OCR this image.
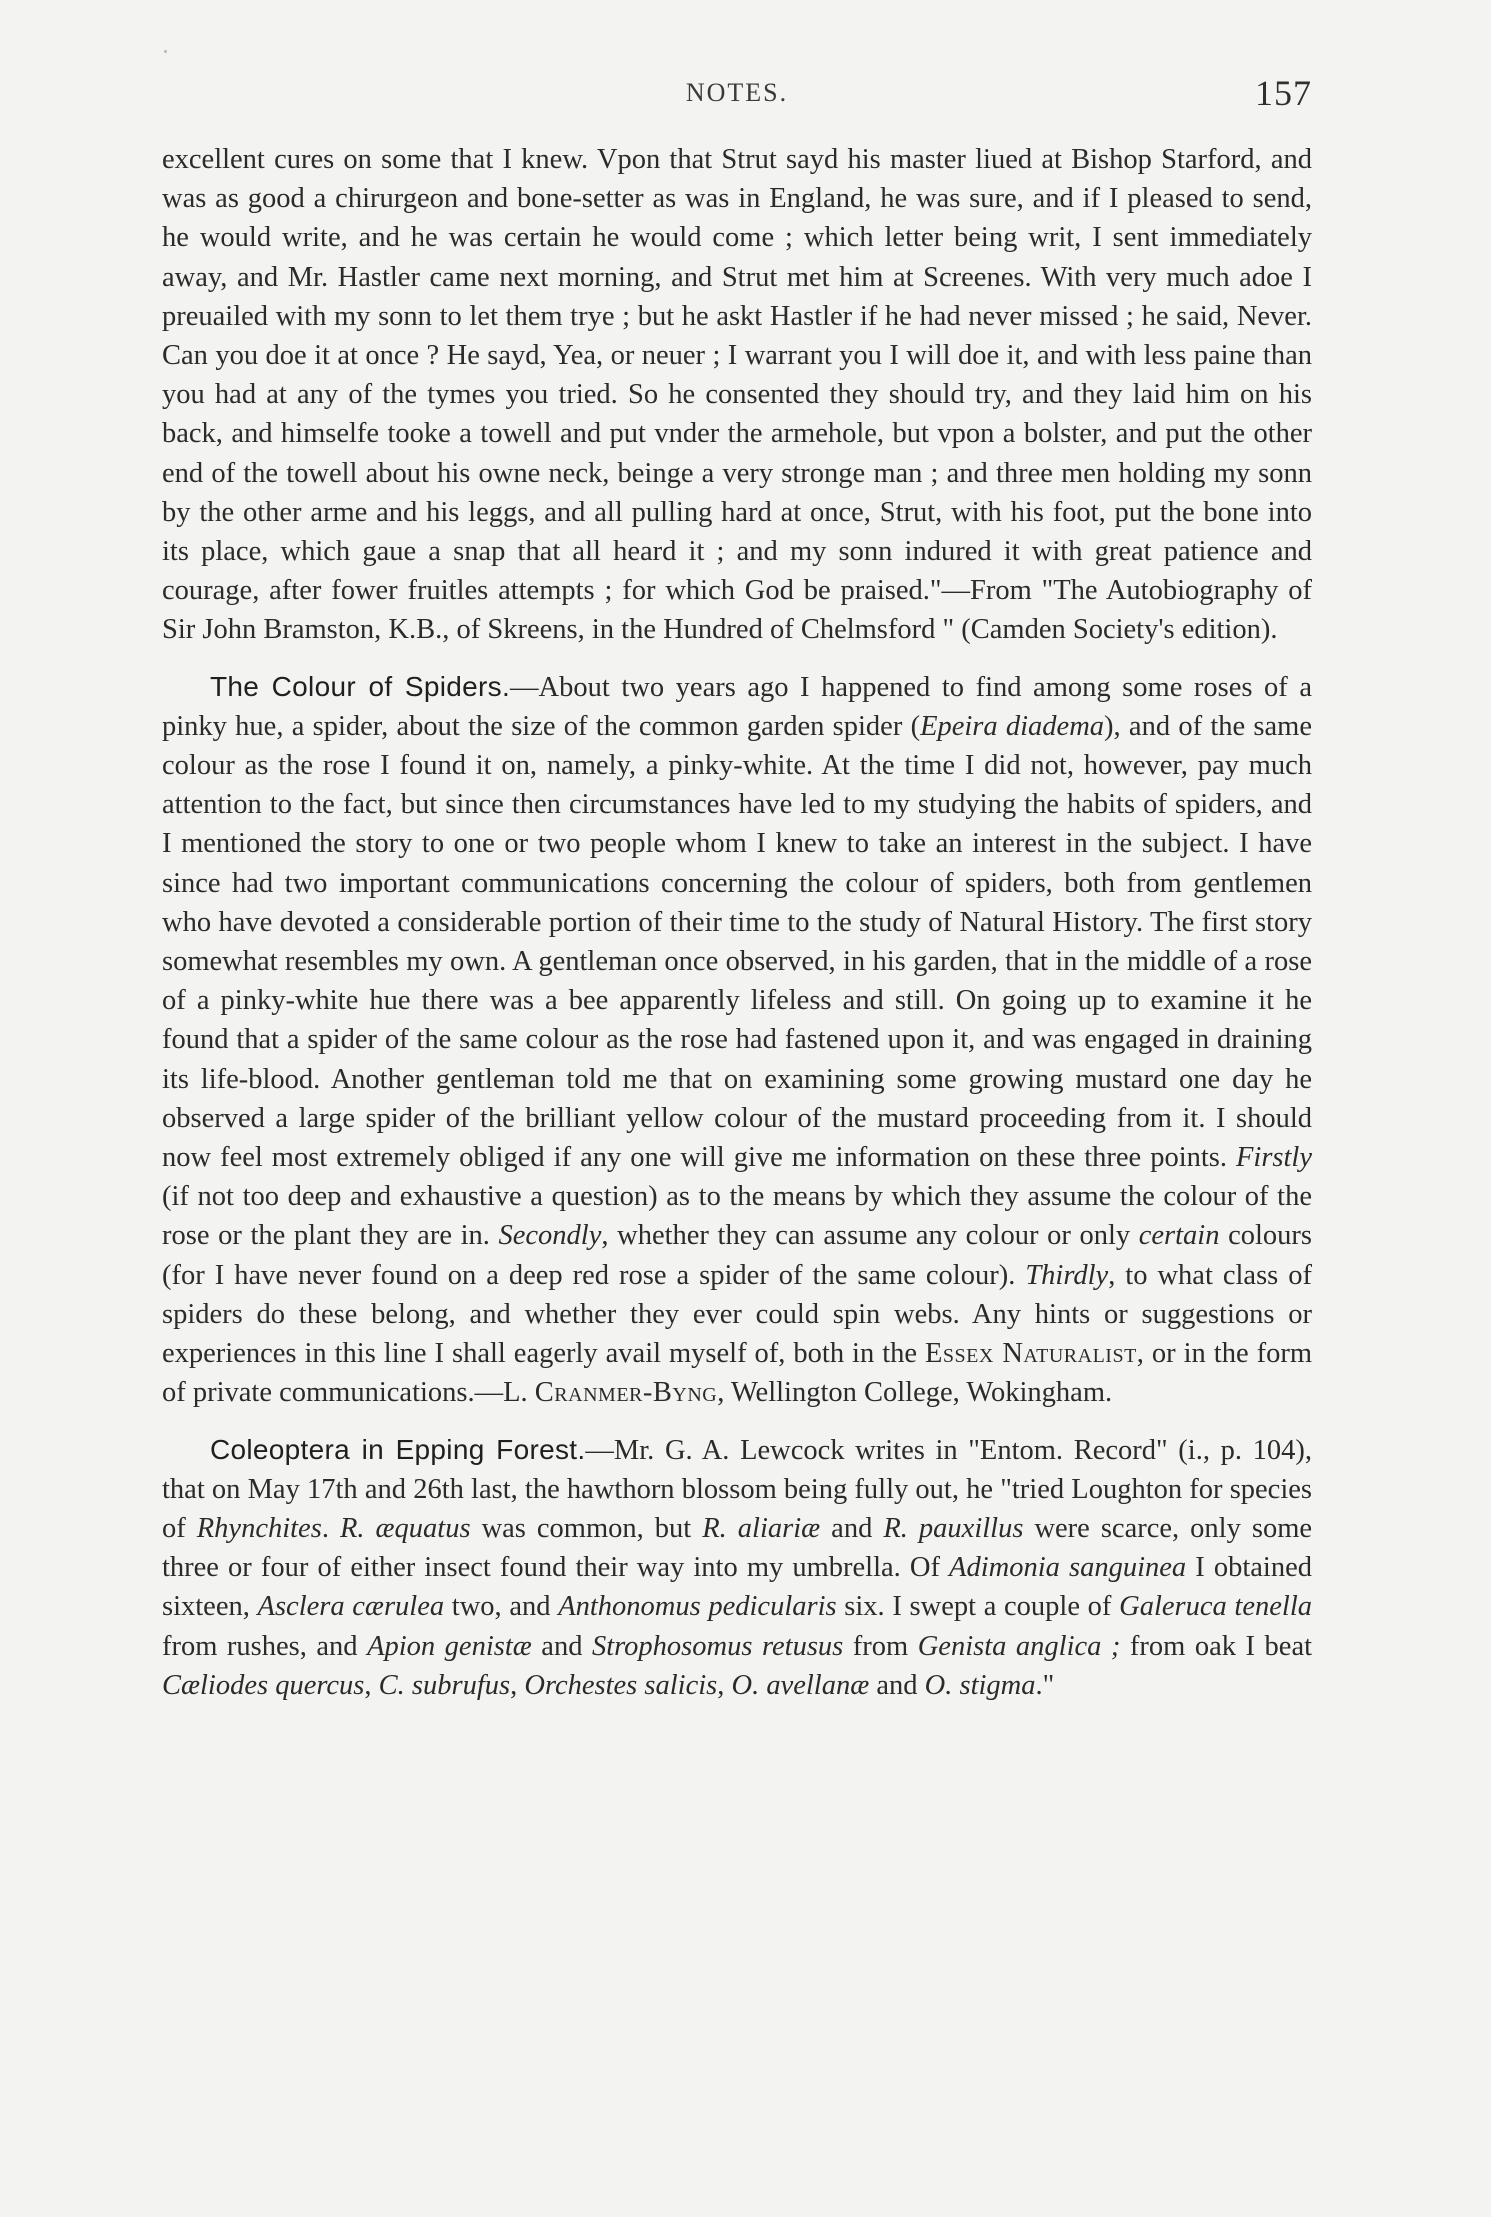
NOTES.	157

excellent cures on some that I knew. Vpon that Strut sayd his master liued at Bishop Starford, and was as good a chirurgeon and bone-setter as was in England, he was sure, and if I pleased to send, he would write, and he was certain he would come ; which letter being writ, I sent immediately away, and Mr. Hastler came next morning, and Strut met him at Screenes. With very much adoe I preuailed with my sonn to let them trye ; but he askt Hastler if he had never missed ; he said, Never. Can you doe it at once ? He sayd, Yea, or neuer ; I warrant you I will doe it, and with less paine than you had at any of the tymes you tried. So he consented they should try, and they laid him on his back, and himselfe tooke a towell and put vnder the armehole, but vpon a bolster, and put the other end of the towell about his owne neck, beinge a very stronge man ; and three men holding my sonn by the other arme and his leggs, and all pulling hard at once, Strut, with his foot, put the bone into its place, which gaue a snap that all heard it ; and my sonn indured it with great patience and courage, after fower fruitles attempts ; for which God be praised."—From "The Autobiography of Sir John Bramston, K.B., of Skreens, in the Hundred of Chelmsford " (Camden Society's edition).

The Colour of Spiders.—About two years ago I happened to find among some roses of a pinky hue, a spider, about the size of the common garden spider (Epeira diadema), and of the same colour as the rose I found it on, namely, a pinky-white. At the time I did not, however, pay much attention to the fact, but since then circumstances have led to my studying the habits of spiders, and I mentioned the story to one or two people whom I knew to take an interest in the subject. I have since had two important communications concerning the colour of spiders, both from gentlemen who have devoted a considerable portion of their time to the study of Natural History. The first story somewhat resembles my own. A gentleman once observed, in his garden, that in the middle of a rose of a pinky-white hue there was a bee apparently lifeless and still. On going up to examine it he found that a spider of the same colour as the rose had fastened upon it, and was engaged in draining its life-blood. Another gentleman told me that on examining some growing mustard one day he observed a large spider of the brilliant yellow colour of the mustard proceeding from it. I should now feel most extremely obliged if any one will give me information on these three points. Firstly (if not too deep and exhaustive a question) as to the means by which they assume the colour of the rose or the plant they are in. Secondly, whether they can assume any colour or only certain colours (for I have never found on a deep red rose a spider of the same colour). Thirdly, to what class of spiders do these belong, and whether they ever could spin webs. Any hints or suggestions or experiences in this line I shall eagerly avail myself of, both in the Essex Naturalist, or in the form of private communications.—L. Cranmer-Byng, Wellington College, Wokingham.

Coleoptera in Epping Forest.—Mr. G. A. Lewcock writes in "Entom. Record" (i., p. 104), that on May 17th and 26th last, the hawthorn blossom being fully out, he "tried Loughton for species of Rhynchites. R. æquatus was common, but R. aliariæ and R. pauxillus were scarce, only some three or four of either insect found their way into my umbrella. Of Adimonia sanguinea I obtained sixteen, Asclera cærulea two, and Anthonomus pedicularis six. I swept a couple of Galeruca tenella from rushes, and Apion genistæ and Strophosomus retusus from Genista anglica ; from oak I beat Cæliodes quercus, C. subrufus, Orchestes salicis, O. avellanæ and O. stigma."
